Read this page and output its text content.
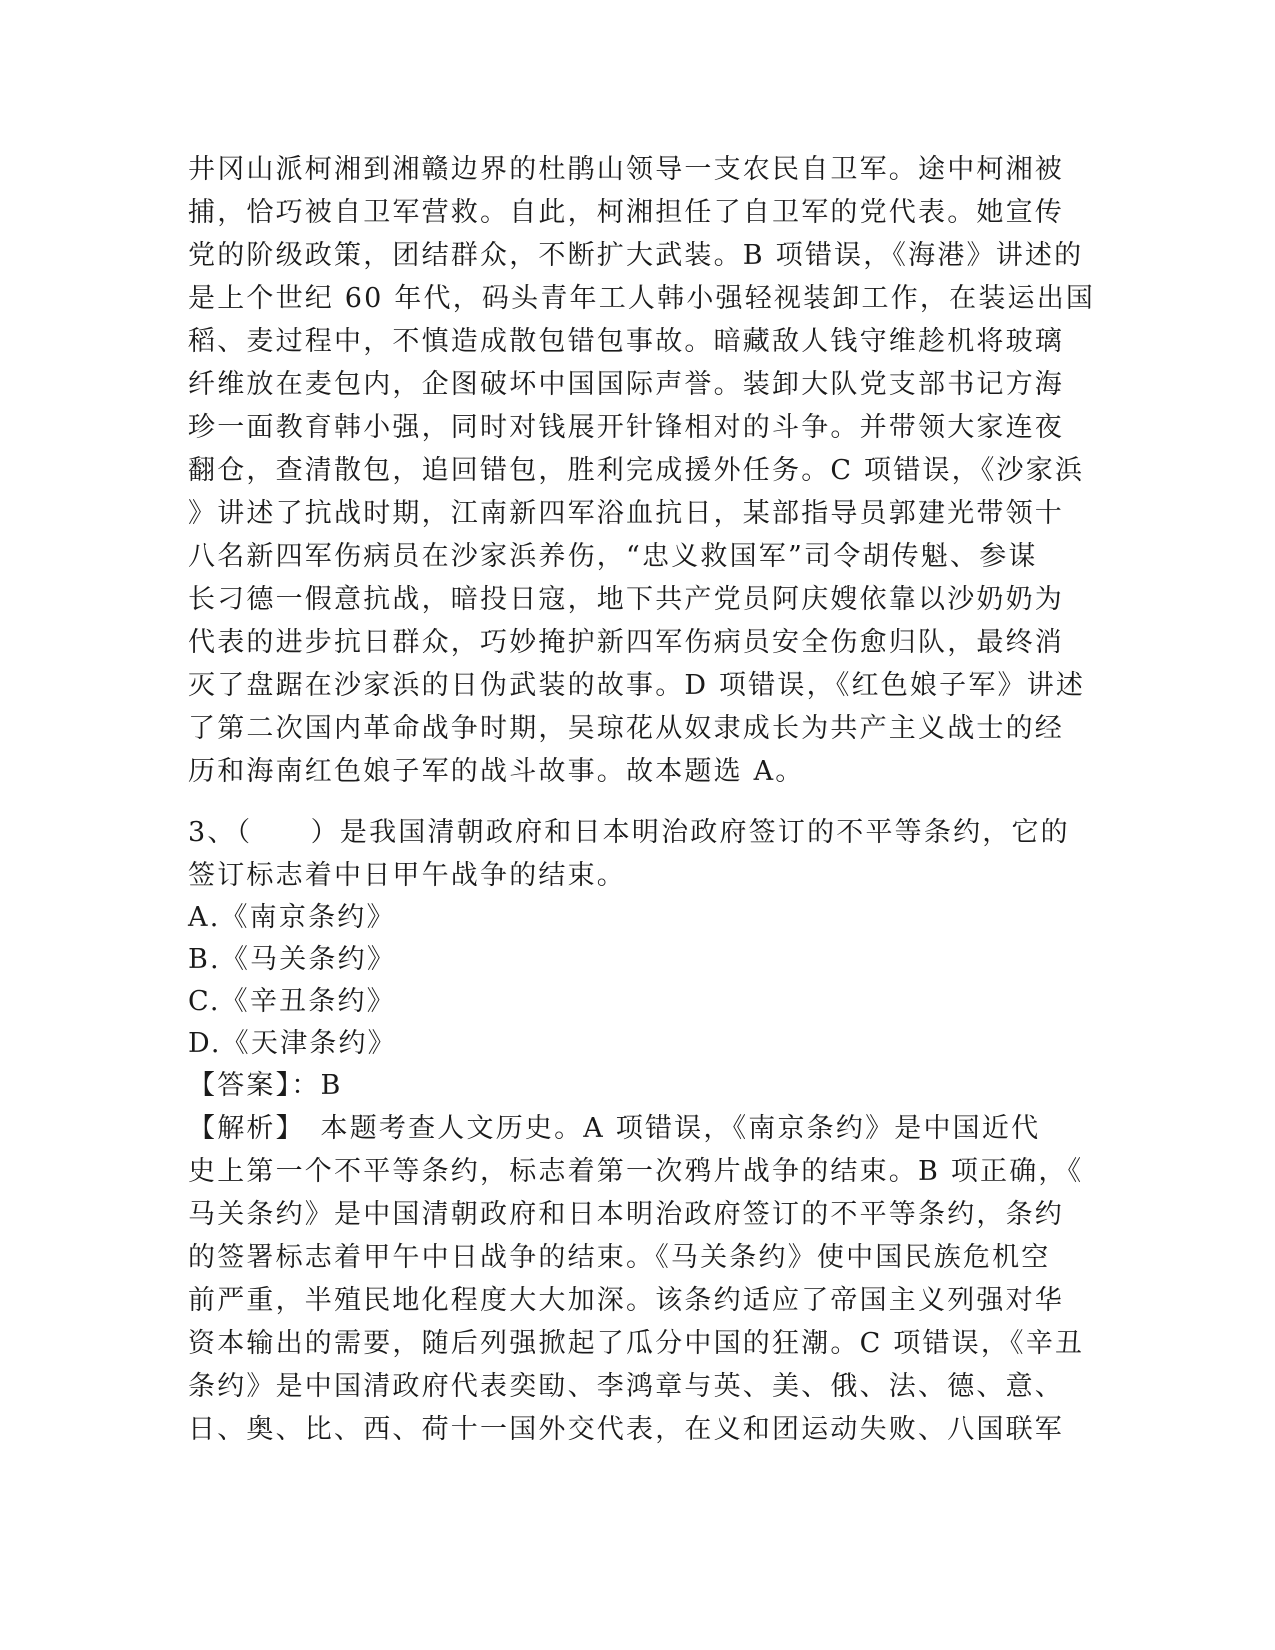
井冈山派柯湘到湘赣边界的杜鹃山领导一支农民自卫军。途中柯湘被
捕，恰巧被自卫军营救。自此，柯湘担任了自卫军的党代表。她宣传
党的阶级政策，团结群众，不断扩大武装。B 项错误，《海港》讲述的
是上个世纪 60 年代，码头青年工人韩小强轻视装卸工作，在装运出国
稻、麦过程中，不慎造成散包错包事故。暗藏敌人钱守维趁机将玻璃
纤维放在麦包内，企图破坏中国国际声誉。装卸大队党支部书记方海
珍一面教育韩小强，同时对钱展开针锋相对的斗争。并带领大家连夜
翻仓，查清散包，追回错包，胜利完成援外任务。C 项错误，《沙家浜
》讲述了抗战时期，江南新四军浴血抗日，某部指导员郭建光带领十
八名新四军伤病员在沙家浜养伤，“忠义救国军”司令胡传魁、参谋
长刁德一假意抗战，暗投日寇，地下共产党员阿庆嫂依靠以沙奶奶为
代表的进步抗日群众，巧妙掩护新四军伤病员安全伤愈归队，最终消
灭了盘踞在沙家浜的日伪武装的故事。D 项错误，《红色娘子军》讲述
了第二次国内革命战争时期，吴琼花从奴隶成长为共产主义战士的经
历和海南红色娘子军的战斗故事。故本题选 A。
3、（　　）是我国清朝政府和日本明治政府签订的不平等条约，它的
签订标志着中日甲午战争的结束。
A.《南京条约》
B.《马关条约》
C.《辛丑条约》
D.《天津条约》
【答案】：B
【解析】　本题考查人文历史。A 项错误，《南京条约》是中国近代
史上第一个不平等条约，标志着第一次鸦片战争的结束。B 项正确，《
马关条约》是中国清朝政府和日本明治政府签订的不平等条约，条约
的签署标志着甲午中日战争的结束。《马关条约》使中国民族危机空
前严重，半殖民地化程度大大加深。该条约适应了帝国主义列强对华
资本输出的需要，随后列强掀起了瓜分中国的狂潮。C 项错误，《辛丑
条约》是中国清政府代表奕劻、李鸿章与英、美、俄、法、德、意、
日、奥、比、西、荷十一国外交代表，在义和团运动失败、八国联军
